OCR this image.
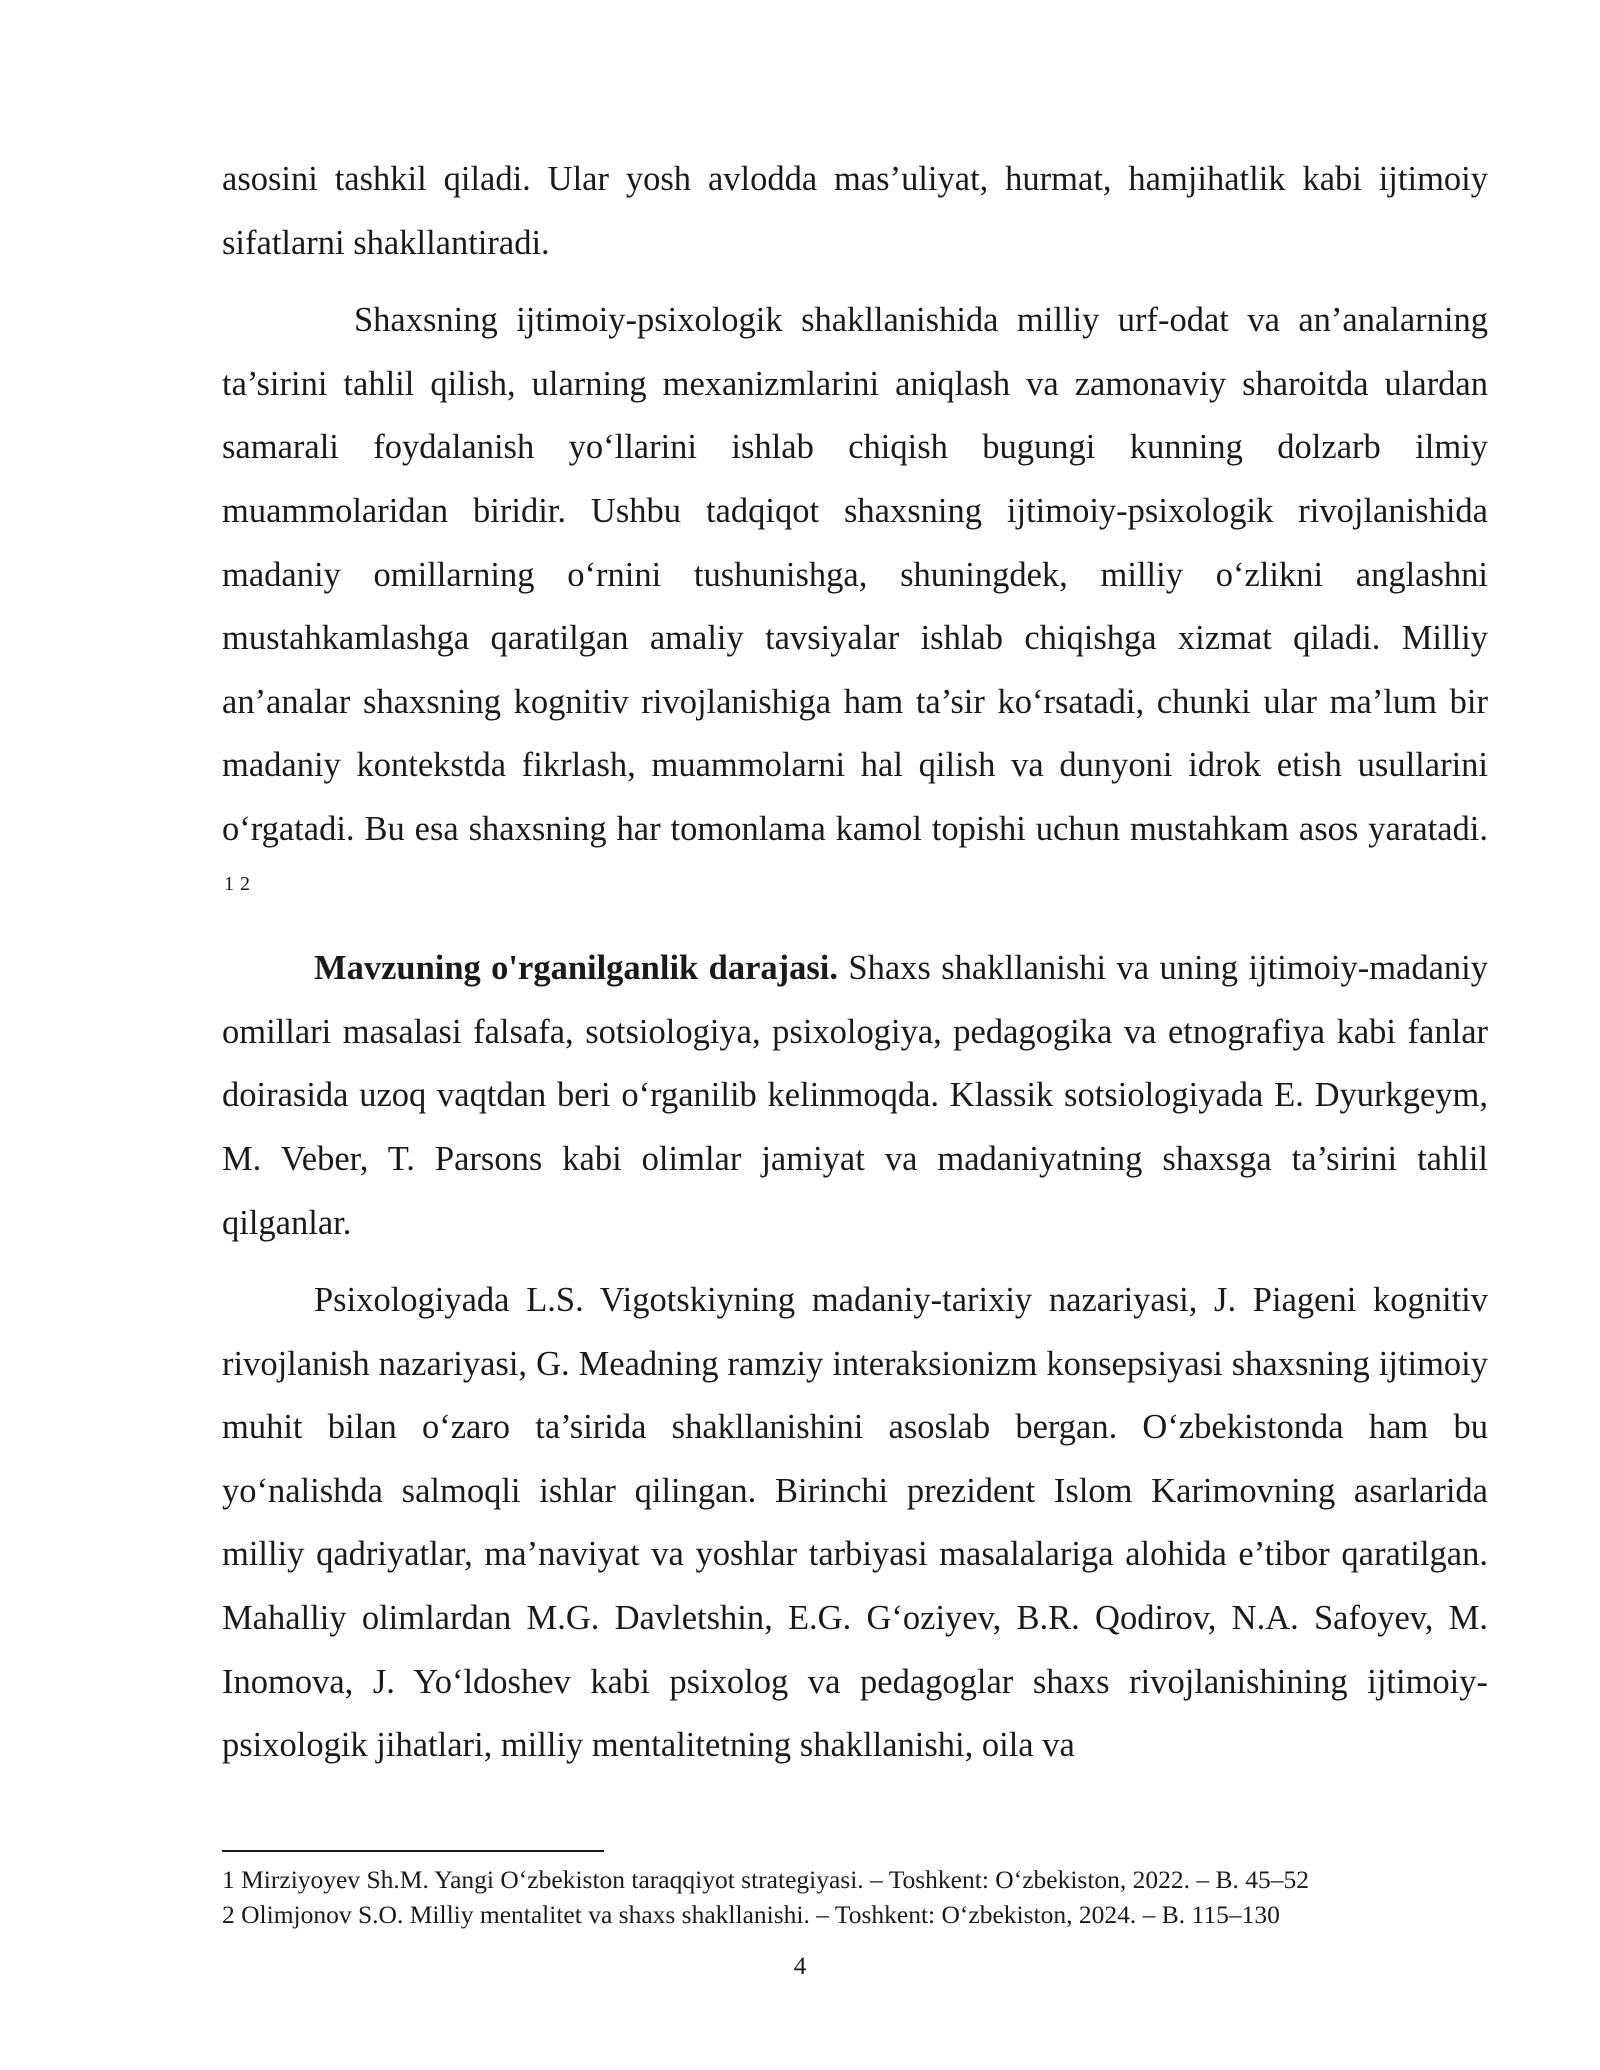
asosini tashkil qiladi. Ular yosh avlodda mas’uliyat, hurmat, hamjihatlik kabi ijtimoiy sifatlarni shakllantiradi.

Shaxsning ijtimoiy-psixologik shakllanishida milliy urf-odat va an’analarning ta’sirini tahlil qilish, ularning mexanizmlarini aniqlash va zamonaviy sharoitda ulardan samarali foydalanish yo‘llarini ishlab chiqish bugungi kunning dolzarb ilmiy muammolaridan biridir. Ushbu tadqiqot shaxsning ijtimoiy-psixologik rivojlanishida madaniy omillarning o‘rnini tushunishga, shuningdek, milliy o‘zlikni anglashni mustahkamlashga qaratilgan amaliy tavsiyalar ishlab chiqishga xizmat qiladi. Milliy an’analar shaxsning kognitiv rivojlanishiga ham ta’sir ko‘rsatadi, chunki ular ma’lum bir madaniy kontekstda fikrlash, muammolarni hal qilish va dunyoni idrok etish usullarini o‘rgatadi. Bu esa shaxsning har tomonlama kamol topishi uchun mustahkam asos yaratadi. $^1$ $^2$

Mavzuning o'rganilganlik darajasi. Shaxs shakllanishi va uning ijtimoiy-madaniy omillari masalasi falsafa, sotsiologiya, psixologiya, pedagogika va etnografiya kabi fanlar doirasida uzoq vaqtdan beri o‘rganilib kelinmoqda. Klassik sotsiologiyada E. Dyurkgeym, M. Veber, T. Parsons kabi olimlar jamiyat va madaniyatning shaxsga ta’sirini tahlil qilganlar.

Psixologiyada L.S. Vigotskiyning madaniy-tarixiy nazariyasi, J. Piageni kognitiv rivojlanish nazariyasi, G. Meadning ramziy interaksionizm konsepsiyasi shaxsning ijtimoiy muhit bilan o‘zaro ta’sirida shakllanishini asoslab bergan. O‘zbekistonda ham bu yo‘nalishda salmoqli ishlar qilingan. Birinchi prezident Islom Karimovning asarlarida milliy qadriyatlar, ma’naviyat va yoshlar tarbiyasi masalalariga alohida e’tibor qaratilgan. Mahalliy olimlardan M.G. Davletshin, E.G. G‘oziyev, B.R. Qodirov, N.A. Safoyev, M. Inomova, J. Yo‘ldoshev kabi psixolog va pedagoglar shaxs rivojlanishining ijtimoiy-psixologik jihatlari, milliy mentalitetning shakllanishi, oila va

1 Mirziyoyev Sh.M. Yangi O‘zbekiston taraqqiyot strategiyasi. – Toshkent: O‘zbekiston, 2022. – B. 45–52

2 Olimjonov S.O. Milliy mentalitet va shaxs shakllanishi. – Toshkent: O‘zbekiston, 2024. – B. 115–130

4
